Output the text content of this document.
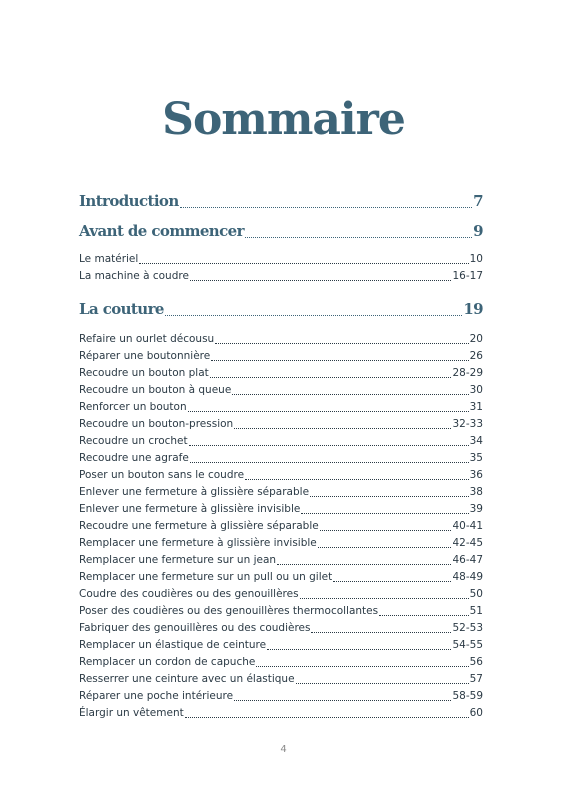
Sommaire
Introduction	7
Avant de commencer	9
Le matériel	10
La machine à coudre	16-17
La couture	19
Refaire un ourlet décousu	20
Réparer une boutonnière	26
Recoudre un bouton plat	28-29
Recoudre un bouton à queue	30
Renforcer un bouton	31
Recoudre un bouton-pression	32-33
Recoudre un crochet	34
Recoudre une agrafe	35
Poser un bouton sans le coudre	36
Enlever une fermeture à glissière séparable	38
Enlever une fermeture à glissière invisible	39
Recoudre une fermeture à glissière séparable	40-41
Remplacer une fermeture à glissière invisible	42-45
Remplacer une fermeture sur un jean	46-47
Remplacer une fermeture sur un pull ou un gilet	48-49
Coudre des coudières ou des genouillères	50
Poser des coudières ou des genouillères thermocollantes	51
Fabriquer des genouillères ou des coudières	52-53
Remplacer un élastique de ceinture	54-55
Remplacer un cordon de capuche	56
Resserrer une ceinture avec un élastique	57
Réparer une poche intérieure	58-59
Élargir un vêtement	60
4
